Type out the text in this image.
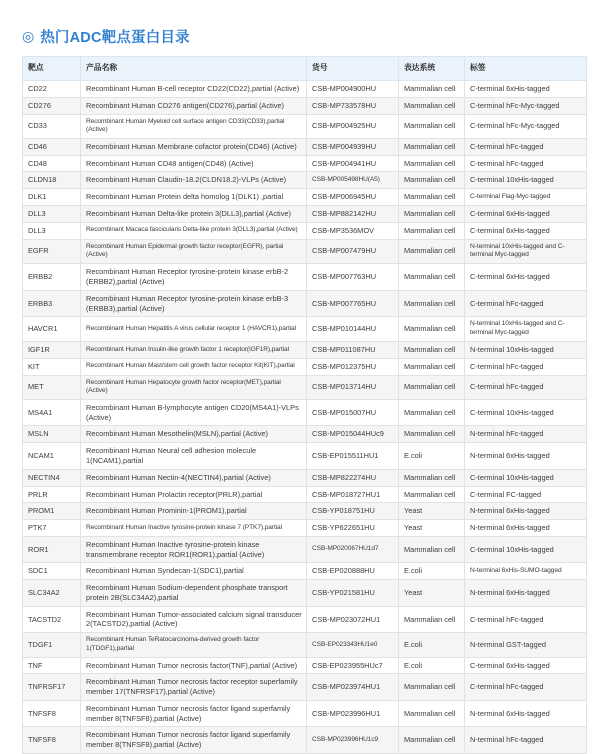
◎ 热门ADC靶点蛋白目录
靶点	产品名称	货号	表达系统	标签
CD22	Recombinant Human B-cell receptor CD22(CD22),partial (Active)	CSB-MP004900HU	Mammalian cell	C-terminal 6xHis-tagged
CD276	Recombinant Human CD276 antigen(CD276),partial (Active)	CSB-MP733578HU	Mammalian cell	C-terminal hFc-Myc-tagged
CD33	Recombinant Human Myeloid cell surface antigen CD33(CD33),partial (Active)	CSB-MP004925HU	Mammalian cell	C-terminal hFc-Myc-tagged
CD46	Recombinant Human Membrane cofactor protein(CD46) (Active)	CSB-MP004939HU	Mammalian cell	C-terminal hFc-tagged
CD48	Recombinant Human CD48 antigen(CD48) (Active)	CSB-MP004941HU	Mammalian cell	C-terminal hFc-tagged
CLDN18	Recombinant Human Claudin-18.2(CLDN18.2)-VLPs (Active)	CSB-MP005498HU(A5)	Mammalian cell	C-terminal 10xHis-tagged
DLK1	Recombinant Human Protein delta homolog 1(DLK1) ,partial	CSB-MP006945HU	Mammalian cell	C-terminal Flag-Myc-tagged
DLL3	Recombinant Human Delta-like protein 3(DLL3),partial (Active)	CSB-MP882142HU	Mammalian cell	C-terminal 6xHis-tagged
DLL3	Recombinant Macaca fascicularis Delta-like protein 3(DLL3),partial (Active)	CSB-MP3536MOV	Mammalian cell	C-terminal 6xHis-tagged
EGFR	Recombinant Human Epidermal growth factor receptor(EGFR), partial (Active)	CSB-MP007479HU	Mammalian cell	N-terminal 10xHis-tagged and C-terminal Myc-tagged
ERBB2	Recombinant Human Receptor tyrosine-protein kinase erbB-2 (ERBB2),partial (Active)	CSB-MP007763HU	Mammalian cell	C-terminal 6xHis-tagged
ERBB3	Recombinant Human Receptor tyrosine-protein kinase erbB-3 (ERBB3),partial (Active)	CSB-MP007765HU	Mammalian cell	C-terminal hFc-tagged
HAVCR1	Recombinant Human Hepatitis A virus cellular receptor 1 (HAVCR1),partial	CSB-MP010144HU	Mammalian cell	N-terminal 10xHis-tagged and C-terminal Myc-tagged
IGF1R	Recombinant Human Insulin-like growth factor 1 receptor(IGF1R),partial	CSB-MP011087HU	Mammalian cell	N-terminal 10xHis-tagged
KIT	Recombinant Human Mast/stem cell growth factor receptor Kit(KIT),partial	CSB-MP012375HU	Mammalian cell	C-terminal hFc-tagged
MET	Recombinant Human Hepatocyte growth factor receptor(MET),partial (Active)	CSB-MP013714HU	Mammalian cell	C-terminal hFc-tagged
MS4A1	Recombinant Human B-lymphocyte antigen CD20(MS4A1)-VLPs (Active)	CSB-MP015007HU	Mammalian cell	C-terminal 10xHis-tagged
MSLN	Recombinant Human Mesothelin(MSLN),partial (Active)	CSB-MP015044HUc9	Mammalian cell	N-terminal hFc-tagged
NCAM1	Recombinant Human Neural cell adhesion molecule 1(NCAM1),partial	CSB-EP015511HU1	E.coli	N-terminal 6xHis-tagged
NECTIN4	Recombinant Human Nectin-4(NECTIN4),partial (Active)	CSB-MP822274HU	Mammalian cell	C-terminal 10xHis-tagged
PRLR	Recombinant Human Prolactin receptor(PRLR),partial	CSB-MP018727HU1	Mammalian cell	C-terminal FC-tagged
PROM1	Recombinant Human Prominin-1(PROM1),partial	CSB-YP018751HU	Yeast	N-terminal 6xHis-tagged
PTK7	Recombinant Human Inactive tyrosine-protein kinase 7 (PTK7),partial	CSB-YP622651HU	Yeast	N-terminal 6xHis-tagged
ROR1	Recombinant Human Inactive tyrosine-protein kinase transmembrane receptor ROR1(ROR1),partial (Active)	CSB-MP020067HU1d7	Mammalian cell	C-terminal 10xHis-tagged
SDC1	Recombinant Human Syndecan-1(SDC1),partial	CSB-EP020888HU	E.coli	N-terminal 6xHis-SUMO-tagged
SLC34A2	Recombinant Human Sodium-dependent phosphate transport protein 2B(SLC34A2),partial	CSB-YP021581HU	Yeast	N-terminal 6xHis-tagged
TACSTD2	Recombinant Human Tumor-associated calcium signal transducer 2(TACSTD2),partial (Active)	CSB-MP023072HU1	Mammalian cell	C-terminal hFc-tagged
TDGF1	Recombinant Human TeRatocarcinoma-derived growth factor 1(TDGF1),partial	CSB-EP023343HU1e0	E.coli	N-terminal GST-tagged
TNF	Recombinant Human Tumor necrosis factor(TNF),partial (Active)	CSB-EP023955HUc7	E.coli	C-terminal 6xHis-tagged
TNFRSF17	Recombinant Human Tumor necrosis factor receptor superfamily member 17(TNFRSF17),partial (Active)	CSB-MP023974HU1	Mammalian cell	C-terminal hFc-tagged
TNFSF8	Recombinant Human Tumor necrosis factor ligand superfamily member 8(TNFSF8),partial (Active)	CSB-MP023996HU1	Mammalian cell	N-terminal 6xHis-tagged
TNFSF8	Recombinant Human Tumor necrosis factor ligand superfamily member 8(TNFSF8),partial (Active)	CSB-MP023996HU1c9	Mammalian cell	N-terminal hFc-tagged
